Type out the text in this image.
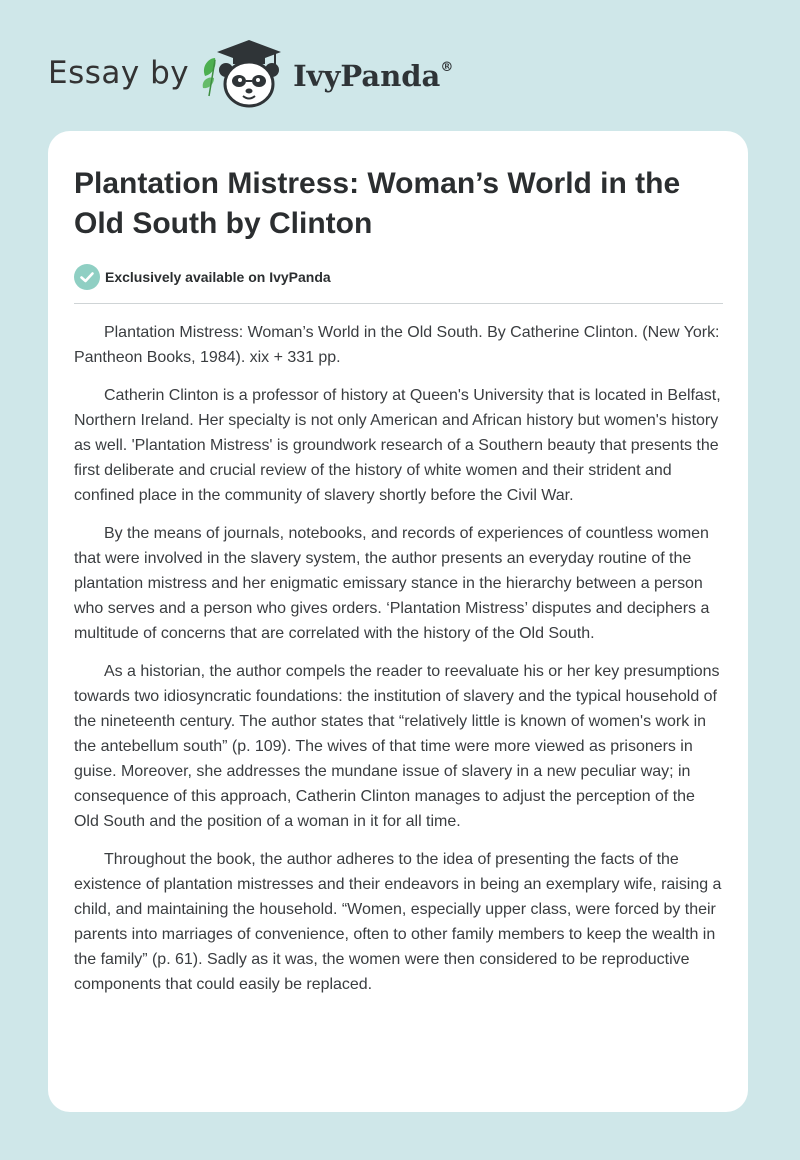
Essay by	IvyPanda®
Plantation Mistress: Woman’s World in the Old South by Clinton
Exclusively available on IvyPanda

Plantation Mistress: Woman’s World in the Old South. By Catherine Clinton. (New York: Pantheon Books, 1984). xix + 331 pp.

Catherin Clinton is a professor of history at Queen's University that is located in Belfast, Northern Ireland. Her specialty is not only American and African history but women's history as well. 'Plantation Mistress' is groundwork research of a Southern beauty that presents the first deliberate and crucial review of the history of white women and their strident and confined place in the community of slavery shortly before the Civil War.

By the means of journals, notebooks, and records of experiences of countless women that were involved in the slavery system, the author presents an everyday routine of the plantation mistress and her enigmatic emissary stance in the hierarchy between a person who serves and a person who gives orders. ‘Plantation Mistress’ disputes and deciphers a multitude of concerns that are correlated with the history of the Old South.

As a historian, the author compels the reader to reevaluate his or her key presumptions towards two idiosyncratic foundations: the institution of slavery and the typical household of the nineteenth century. The author states that “relatively little is known of women's work in the antebellum south” (p. 109). The wives of that time were more viewed as prisoners in guise. Moreover, she addresses the mundane issue of slavery in a new peculiar way; in consequence of this approach, Catherin Clinton manages to adjust the perception of the Old South and the position of a woman in it for all time.

Throughout the book, the author adheres to the idea of presenting the facts of the existence of plantation mistresses and their endeavors in being an exemplary wife, raising a child, and maintaining the household. “Women, especially upper class, were forced by their parents into marriages of convenience, often to other family members to keep the wealth in the family” (p. 61). Sadly as it was, the women were then considered to be reproductive components that could easily be replaced.
